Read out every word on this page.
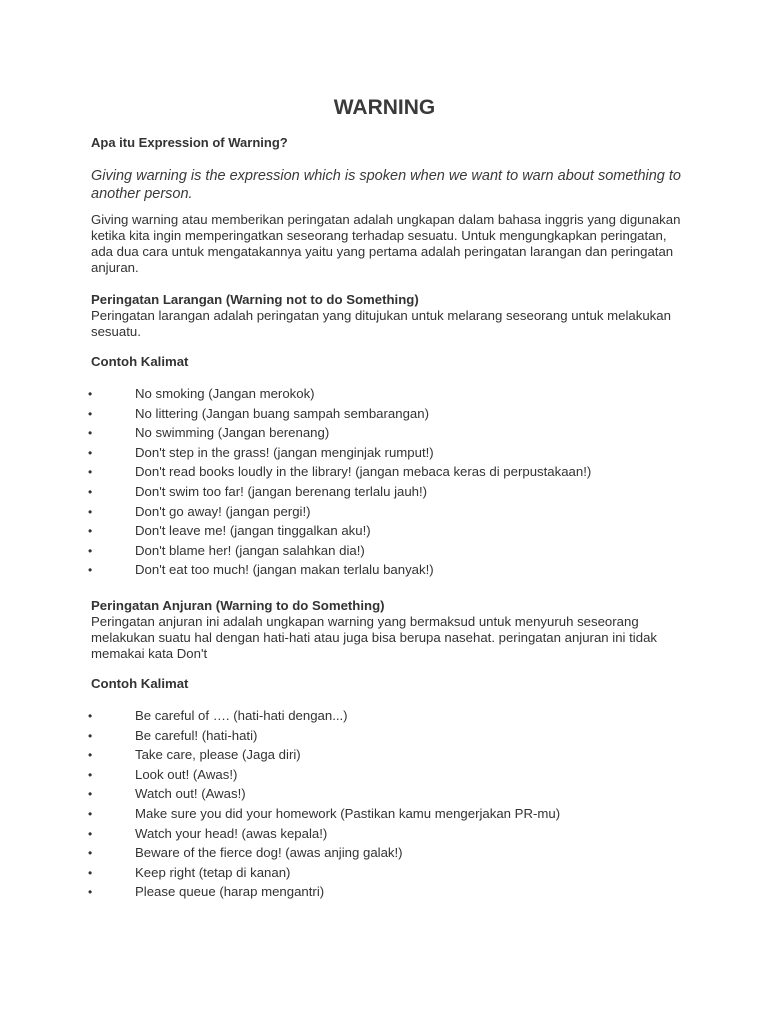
WARNING

Apa itu Expression of Warning?

Giving warning is the expression which is spoken when we want to warn about something to another person.

Giving warning atau memberikan peringatan adalah ungkapan dalam bahasa inggris yang digunakan ketika kita ingin memperingatkan seseorang terhadap sesuatu. Untuk mengungkapkan peringatan, ada dua cara untuk mengatakannya yaitu yang pertama adalah peringatan larangan dan peringatan anjuran.

Peringatan Larangan (Warning not to do Something)
Peringatan larangan adalah peringatan yang ditujukan untuk melarang seseorang untuk melakukan sesuatu.

Contoh Kalimat

•	No smoking (Jangan merokok)
•	No littering (Jangan buang sampah sembarangan)
•	No swimming (Jangan berenang)
•	Don't step in the grass! (jangan menginjak rumput!)
•	Don't read books loudly in the library! (jangan mebaca keras di perpustakaan!)
•	Don't swim too far! (jangan berenang terlalu jauh!)
•	Don't go away! (jangan pergi!)
•	Don't leave me! (jangan tinggalkan aku!)
•	Don't blame her! (jangan salahkan dia!)
•	Don't eat too much! (jangan makan terlalu banyak!)
Peringatan Anjuran (Warning to do Something)
Peringatan anjuran ini adalah ungkapan warning yang bermaksud untuk menyuruh seseorang melakukan suatu hal dengan hati-hati atau juga bisa berupa nasehat. peringatan anjuran ini tidak memakai kata Don't

Contoh Kalimat

•	Be careful of …. (hati-hati dengan...)
•	Be careful! (hati-hati)
•	Take care, please (Jaga diri)
•	Look out! (Awas!)
•	Watch out! (Awas!)
•	Make sure you did your homework (Pastikan kamu mengerjakan PR-mu)
•	Watch your head! (awas kepala!)
•	Beware of the fierce dog! (awas anjing galak!)
•	Keep right (tetap di kanan)
•	Please queue (harap mengantri)
